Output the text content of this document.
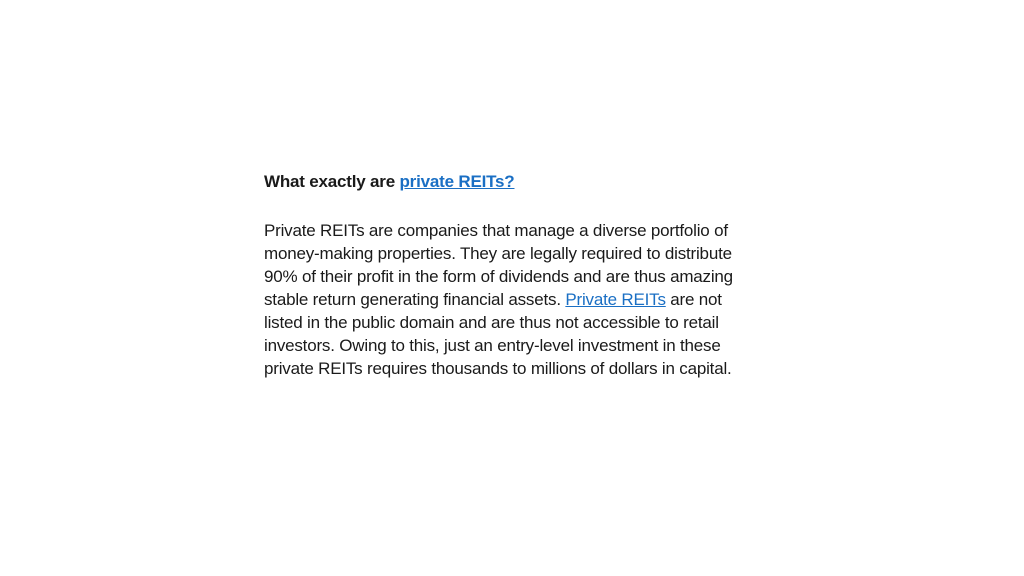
What exactly are private REITs?

Private REITs are companies that manage a diverse portfolio of money-making properties. They are legally required to distribute 90% of their profit in the form of dividends and are thus amazing stable return generating financial assets. Private REITs are not listed in the public domain and are thus not accessible to retail investors. Owing to this, just an entry-level investment in these private REITs requires thousands to millions of dollars in capital.
